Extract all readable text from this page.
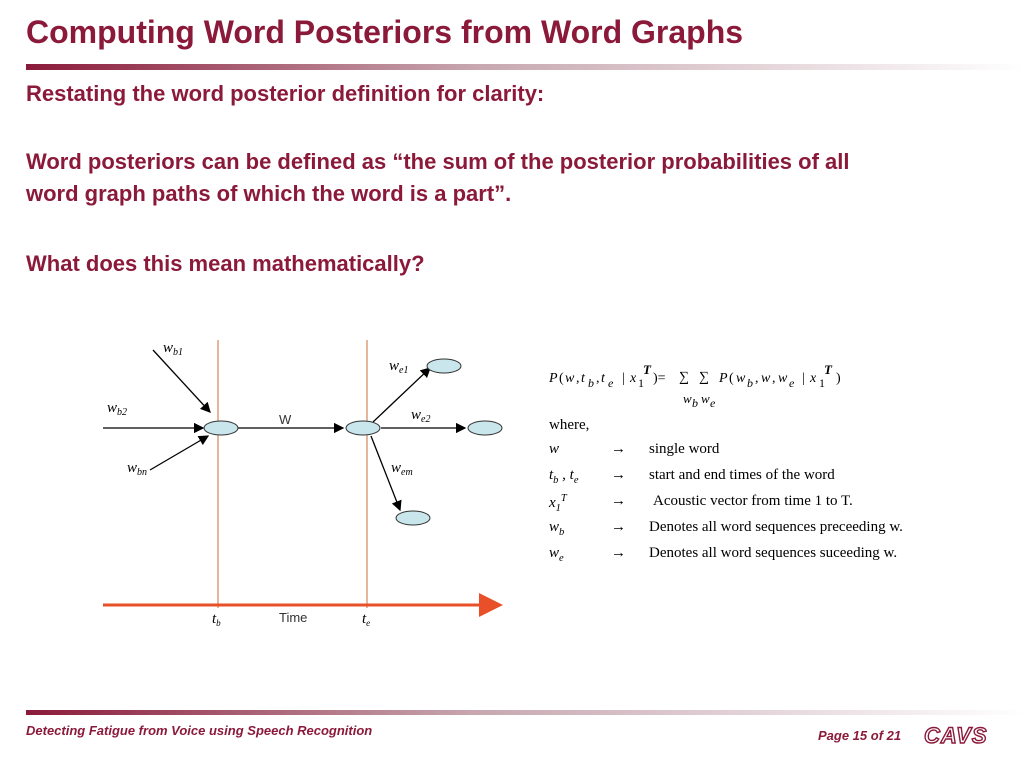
Computing Word Posteriors from Word Graphs

Restating the word posterior definition for clarity:

Word posteriors can be defined as “the sum of the posterior probabilities of all

word graph paths of which the word is a part”.

What does this mean mathematically?

$w_{b1}$
$w_{b2}$
$w_{bn}$
$w_{e1}$
$w_{e2}$
$w_{em}$
$t_b$	$t_e$
W
Time
P ( w , t b , t e | x 1
T
)= ∑ ∑ P ( w b , w , w e | x 1
T
)
w b w e
where,
w	→ single word
$t_b$ , $t_e$ → start and end times of the word
$x_1^T$	→ Acoustic vector from time 1 to T.
$w_b$	→ Denotes all word sequences preceeding w.
$w_e$	→ Denotes all word sequences suceeding w.
Detecting Fatigue from Voice using Speech Recognition	Page 15 of 21 CAVS
